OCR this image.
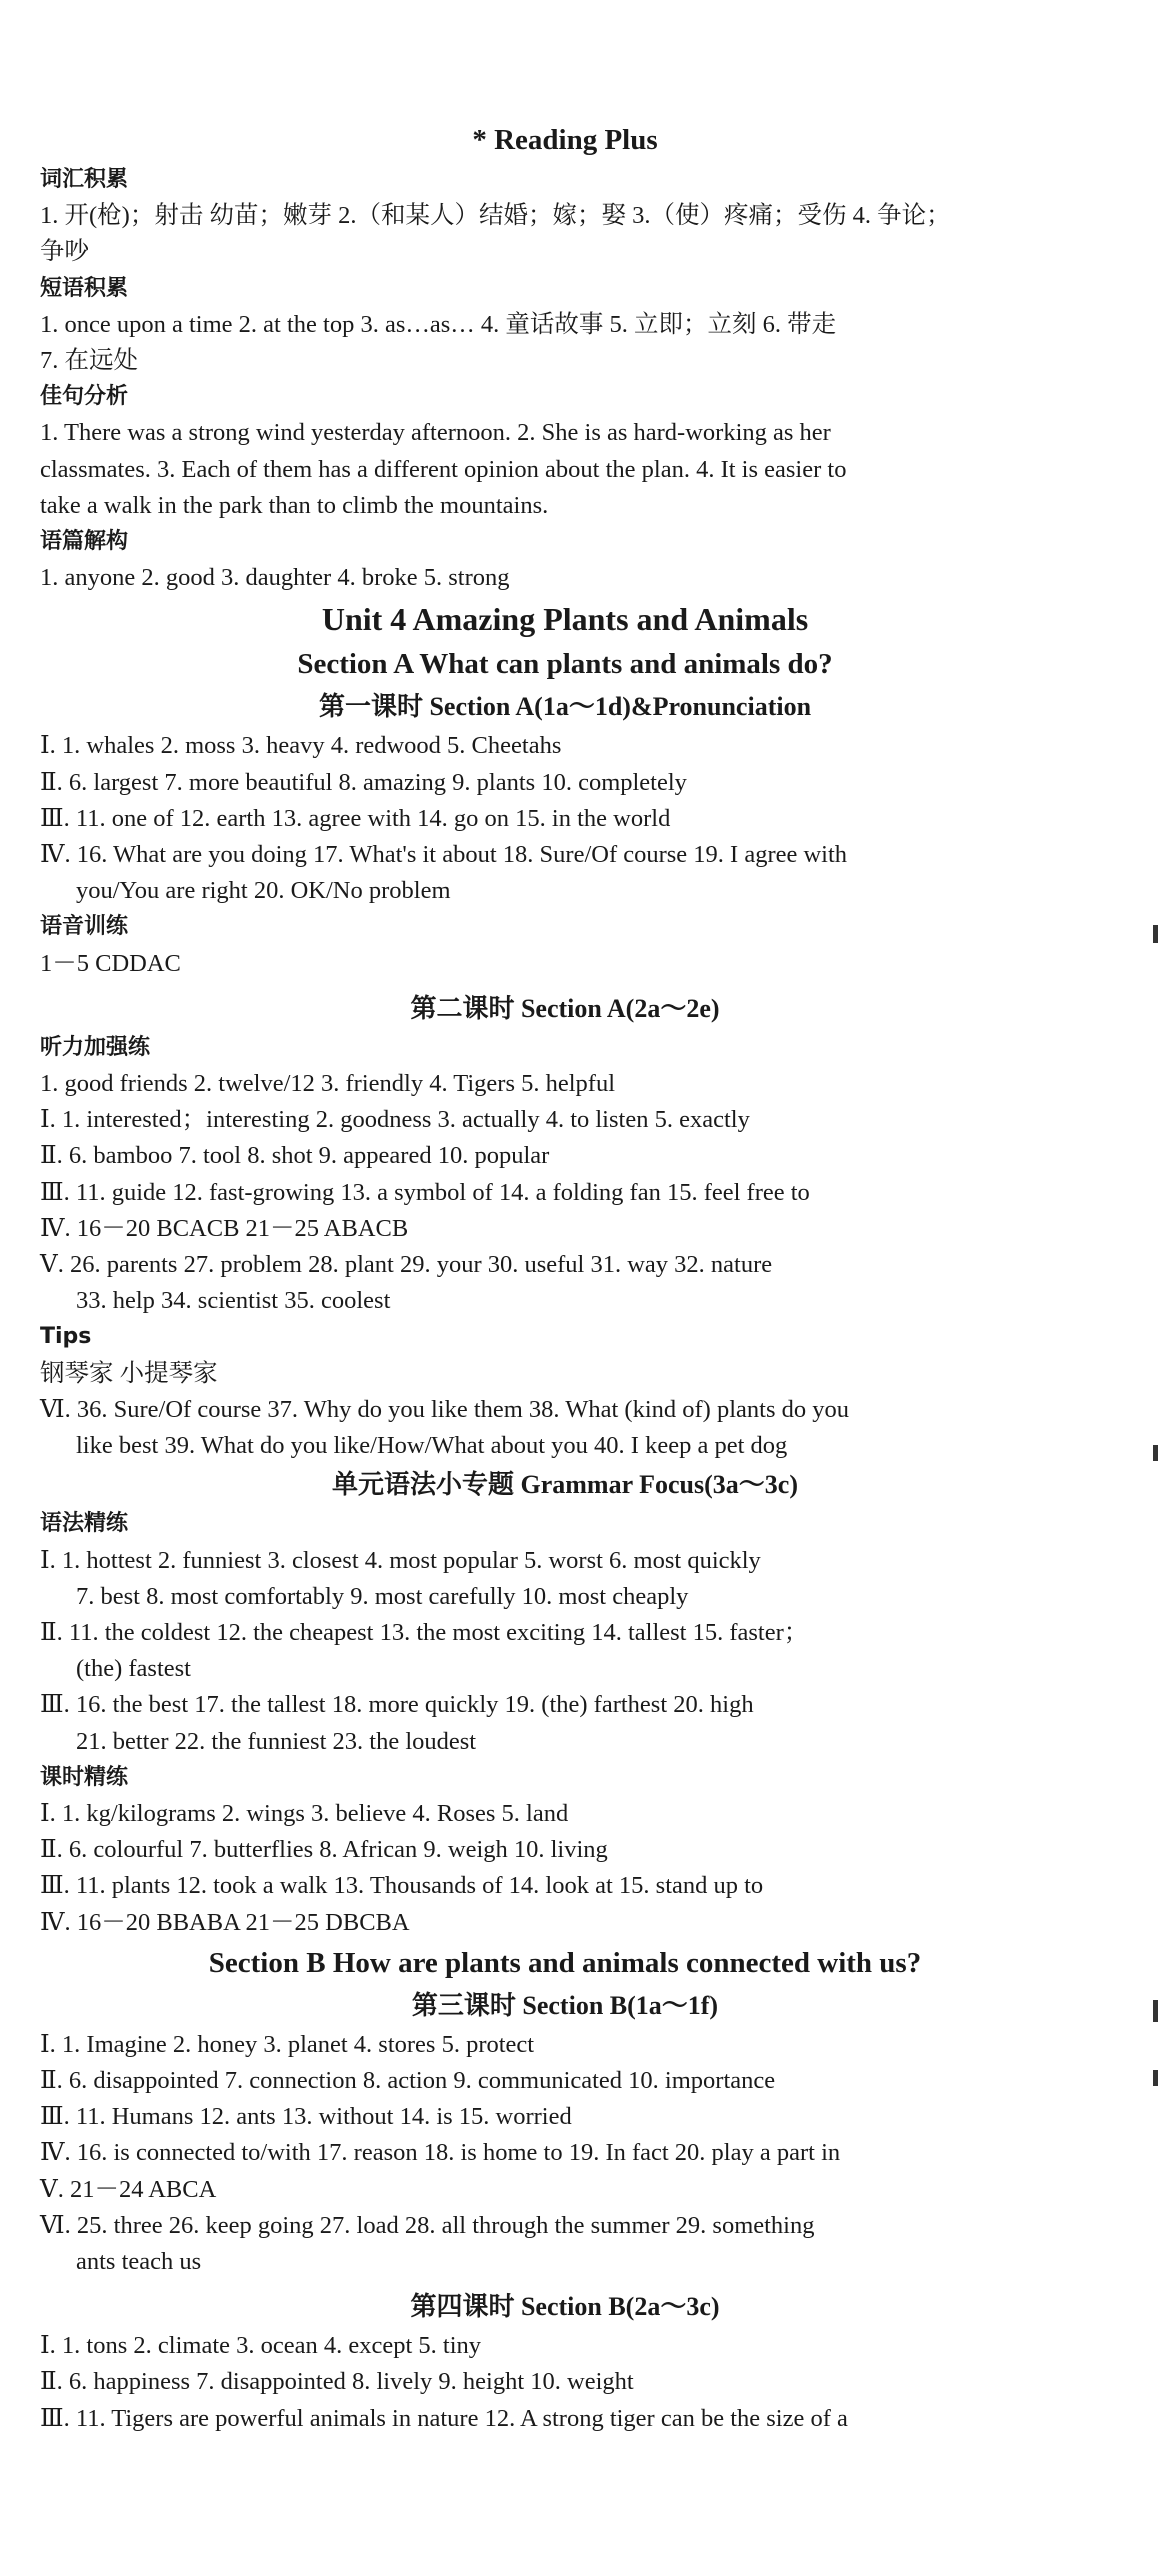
* Reading Plus
词汇积累
1. 开(枪)；射击 幼苗；嫩芽 2.（和某人）结婚；嫁；娶 3.（使）疼痛；受伤 4. 争论；
争吵
短语积累
1. once upon a time 2. at the top 3. as…as… 4. 童话故事 5. 立即；立刻 6. 带走
7. 在远处
佳句分析
1. There was a strong wind yesterday afternoon. 2. She is as hard-working as her
classmates. 3. Each of them has a different opinion about the plan. 4. It is easier to
take a walk in the park than to climb the mountains.
语篇解构
1. anyone 2. good 3. daughter 4. broke 5. strong
Unit 4 Amazing Plants and Animals
Section A What can plants and animals do?
第一课时 Section A(1a～1d)&Pronunciation
Ⅰ. 1. whales 2. moss 3. heavy 4. redwood 5. Cheetahs
Ⅱ. 6. largest 7. more beautiful 8. amazing 9. plants 10. completely
Ⅲ. 11. one of 12. earth 13. agree with 14. go on 15. in the world
Ⅳ. 16. What are you doing 17. What's it about 18. Sure/Of course 19. I agree with
you/You are right 20. OK/No problem
语音训练
1－5 CDDAC
第二课时 Section A(2a～2e)
听力加强练
1. good friends 2. twelve/12 3. friendly 4. Tigers 5. helpful
Ⅰ. 1. interested；interesting 2. goodness 3. actually 4. to listen 5. exactly
Ⅱ. 6. bamboo 7. tool 8. shot 9. appeared 10. popular
Ⅲ. 11. guide 12. fast-growing 13. a symbol of 14. a folding fan 15. feel free to
Ⅳ. 16－20 BCACB 21－25 ABACB
Ⅴ. 26. parents 27. problem 28. plant 29. your 30. useful 31. way 32. nature
33. help 34. scientist 35. coolest
Tips
钢琴家 小提琴家
Ⅵ. 36. Sure/Of course 37. Why do you like them 38. What (kind of) plants do you
like best 39. What do you like/How/What about you 40. I keep a pet dog
单元语法小专题 Grammar Focus(3a～3c)
语法精练
Ⅰ. 1. hottest 2. funniest 3. closest 4. most popular 5. worst 6. most quickly
7. best 8. most comfortably 9. most carefully 10. most cheaply
Ⅱ. 11. the coldest 12. the cheapest 13. the most exciting 14. tallest 15. faster；
(the) fastest
Ⅲ. 16. the best 17. the tallest 18. more quickly 19. (the) farthest 20. high
21. better 22. the funniest 23. the loudest
课时精练
Ⅰ. 1. kg/kilograms 2. wings 3. believe 4. Roses 5. land
Ⅱ. 6. colourful 7. butterflies 8. African 9. weigh 10. living
Ⅲ. 11. plants 12. took a walk 13. Thousands of 14. look at 15. stand up to
Ⅳ. 16－20 BBABA 21－25 DBCBA
Section B How are plants and animals connected with us?
第三课时 Section B(1a～1f)
Ⅰ. 1. Imagine 2. honey 3. planet 4. stores 5. protect
Ⅱ. 6. disappointed 7. connection 8. action 9. communicated 10. importance
Ⅲ. 11. Humans 12. ants 13. without 14. is 15. worried
Ⅳ. 16. is connected to/with 17. reason 18. is home to 19. In fact 20. play a part in
Ⅴ. 21－24 ABCA
Ⅵ. 25. three 26. keep going 27. load 28. all through the summer 29. something
ants teach us
第四课时 Section B(2a～3c)
Ⅰ. 1. tons 2. climate 3. ocean 4. except 5. tiny
Ⅱ. 6. happiness 7. disappointed 8. lively 9. height 10. weight
Ⅲ. 11. Tigers are powerful animals in nature 12. A strong tiger can be the size of a
